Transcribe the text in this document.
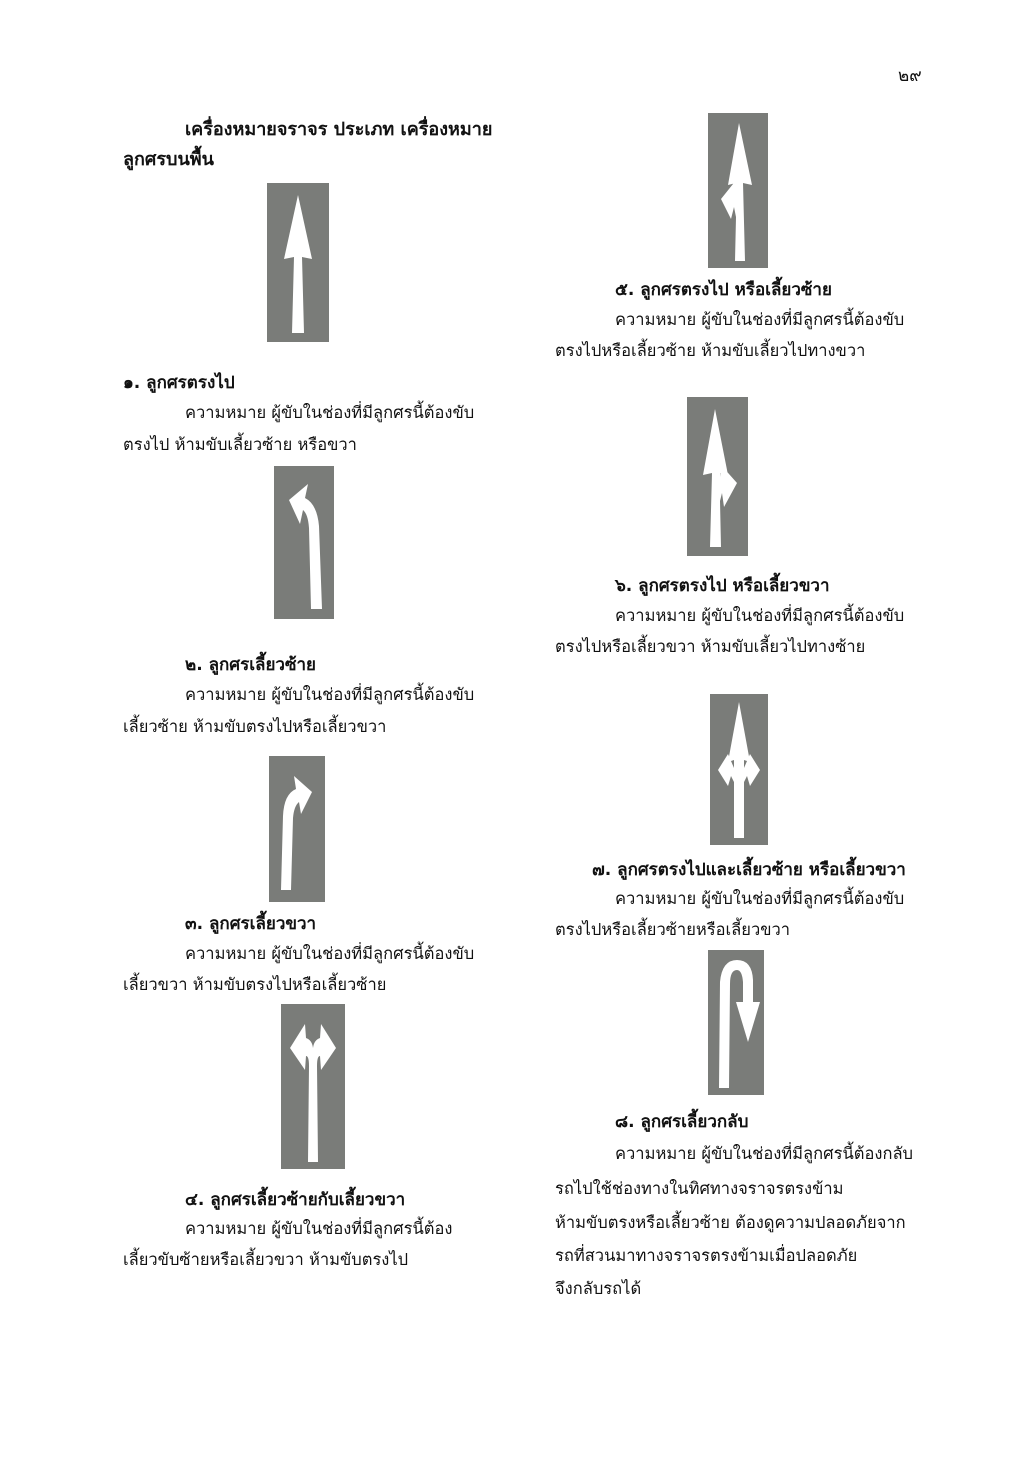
๒๙
เครื่องหมายจราจร ประเภท เครื่องหมาย
ลูกศรบนพื้น
๑. ลูกศรตรงไป
ความหมาย ผู้ขับในช่องที่มีลูกศรนี้ต้องขับ
ตรงไป ห้ามขับเลี้ยวซ้าย หรือขวา
๒. ลูกศรเลี้ยวซ้าย
ความหมาย ผู้ขับในช่องที่มีลูกศรนี้ต้องขับ
เลี้ยวซ้าย ห้ามขับตรงไปหรือเลี้ยวขวา
๓. ลูกศรเลี้ยวขวา
ความหมาย ผู้ขับในช่องที่มีลูกศรนี้ต้องขับ
เลี้ยวขวา ห้ามขับตรงไปหรือเลี้ยวซ้าย
๔. ลูกศรเลี้ยวซ้ายกับเลี้ยวขวา
ความหมาย ผู้ขับในช่องที่มีลูกศรนี้ต้อง
เลี้ยวขับซ้ายหรือเลี้ยวขวา ห้ามขับตรงไป
๕. ลูกศรตรงไป หรือเลี้ยวซ้าย
ความหมาย ผู้ขับในช่องที่มีลูกศรนี้ต้องขับ
ตรงไปหรือเลี้ยวซ้าย ห้ามขับเลี้ยวไปทางขวา
๖. ลูกศรตรงไป หรือเลี้ยวขวา
ความหมาย ผู้ขับในช่องที่มีลูกศรนี้ต้องขับ
ตรงไปหรือเลี้ยวขวา ห้ามขับเลี้ยวไปทางซ้าย
๗. ลูกศรตรงไปและเลี้ยวซ้าย หรือเลี้ยวขวา
ความหมาย ผู้ขับในช่องที่มีลูกศรนี้ต้องขับ
ตรงไปหรือเลี้ยวซ้ายหรือเลี้ยวขวา
๘. ลูกศรเลี้ยวกลับ
ความหมาย ผู้ขับในช่องที่มีลูกศรนี้ต้องกลับ
รถไปใช้ช่องทางในทิศทางจราจรตรงข้าม
ห้ามขับตรงหรือเลี้ยวซ้าย ต้องดูความปลอดภัยจาก
รถที่สวนมาทางจราจรตรงข้ามเมื่อปลอดภัย
จึงกลับรถได้
